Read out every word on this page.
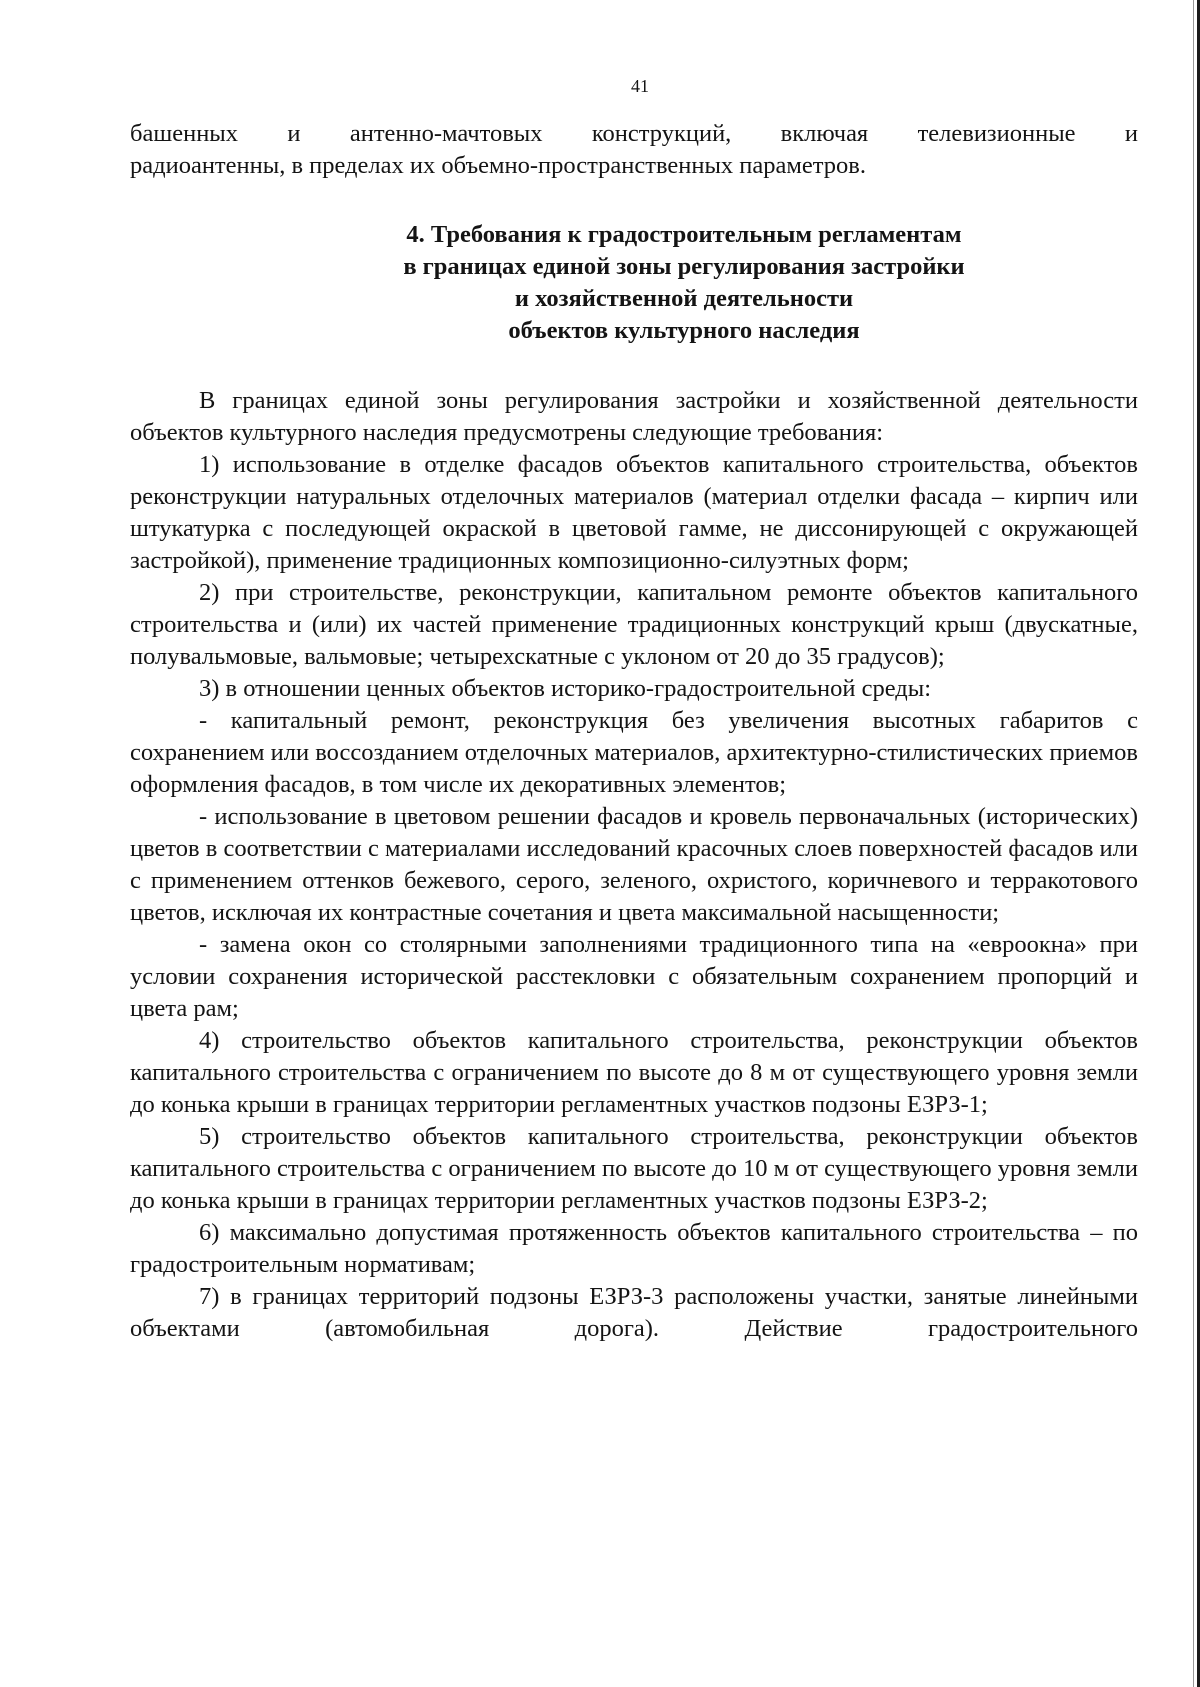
41

башенных и антенно-мачтовых конструкций, включая телевизионные и

радиоантенны, в пределах их объемно-пространственных параметров.

4. Требования к градостроительным регламентам
в границах единой зоны регулирования застройки
и хозяйственной деятельности
объектов культурного наследия

В границах единой зоны регулирования застройки и хозяйственной деятельности объектов культурного наследия предусмотрены следующие требования:

1) использование в отделке фасадов объектов капитального строительства, объектов реконструкции натуральных отделочных материалов (материал отделки фасада – кирпич или штукатурка с последующей окраской в цветовой гамме, не диссонирующей с окружающей застройкой), применение традиционных композиционно-силуэтных форм;

2) при строительстве, реконструкции, капитальном ремонте объектов капитального строительства и (или) их частей применение традиционных конструкций крыш (двускатные, полувальмовые, вальмовые; четырехскатные с уклоном от 20 до 35 градусов);

3) в отношении ценных объектов историко-градостроительной среды:

- капитальный ремонт, реконструкция без увеличения высотных габаритов с сохранением или воссозданием отделочных материалов, архитектурно-стилистических приемов оформления фасадов, в том числе их декоративных элементов;

- использование в цветовом решении фасадов и кровель первоначальных (исторических) цветов в соответствии с материалами исследований красочных слоев поверхностей фасадов или с применением оттенков бежевого, серого, зеленого, охристого, коричневого и терракотового цветов, исключая их контрастные сочетания и цвета максимальной насыщенности;

- замена окон со столярными заполнениями традиционного типа на «евроокна» при условии сохранения исторической расстекловки с обязательным сохранением пропорций и цвета рам;

4) строительство объектов капитального строительства, реконструкции объектов капитального строительства с ограничением по высоте до 8 м от существующего уровня земли до конька крыши в границах территории регламентных участков подзоны ЕЗРЗ-1;

5) строительство объектов капитального строительства, реконструкции объектов капитального строительства с ограничением по высоте до 10 м от существующего уровня земли до конька крыши в границах территории регламентных участков подзоны ЕЗРЗ-2;

6) максимально допустимая протяженность объектов капитального строительства – по градостроительным нормативам;

7) в границах территорий подзоны ЕЗРЗ-3 расположены участки, занятые линейными объектами (автомобильная дорога). Действие градостроительного
